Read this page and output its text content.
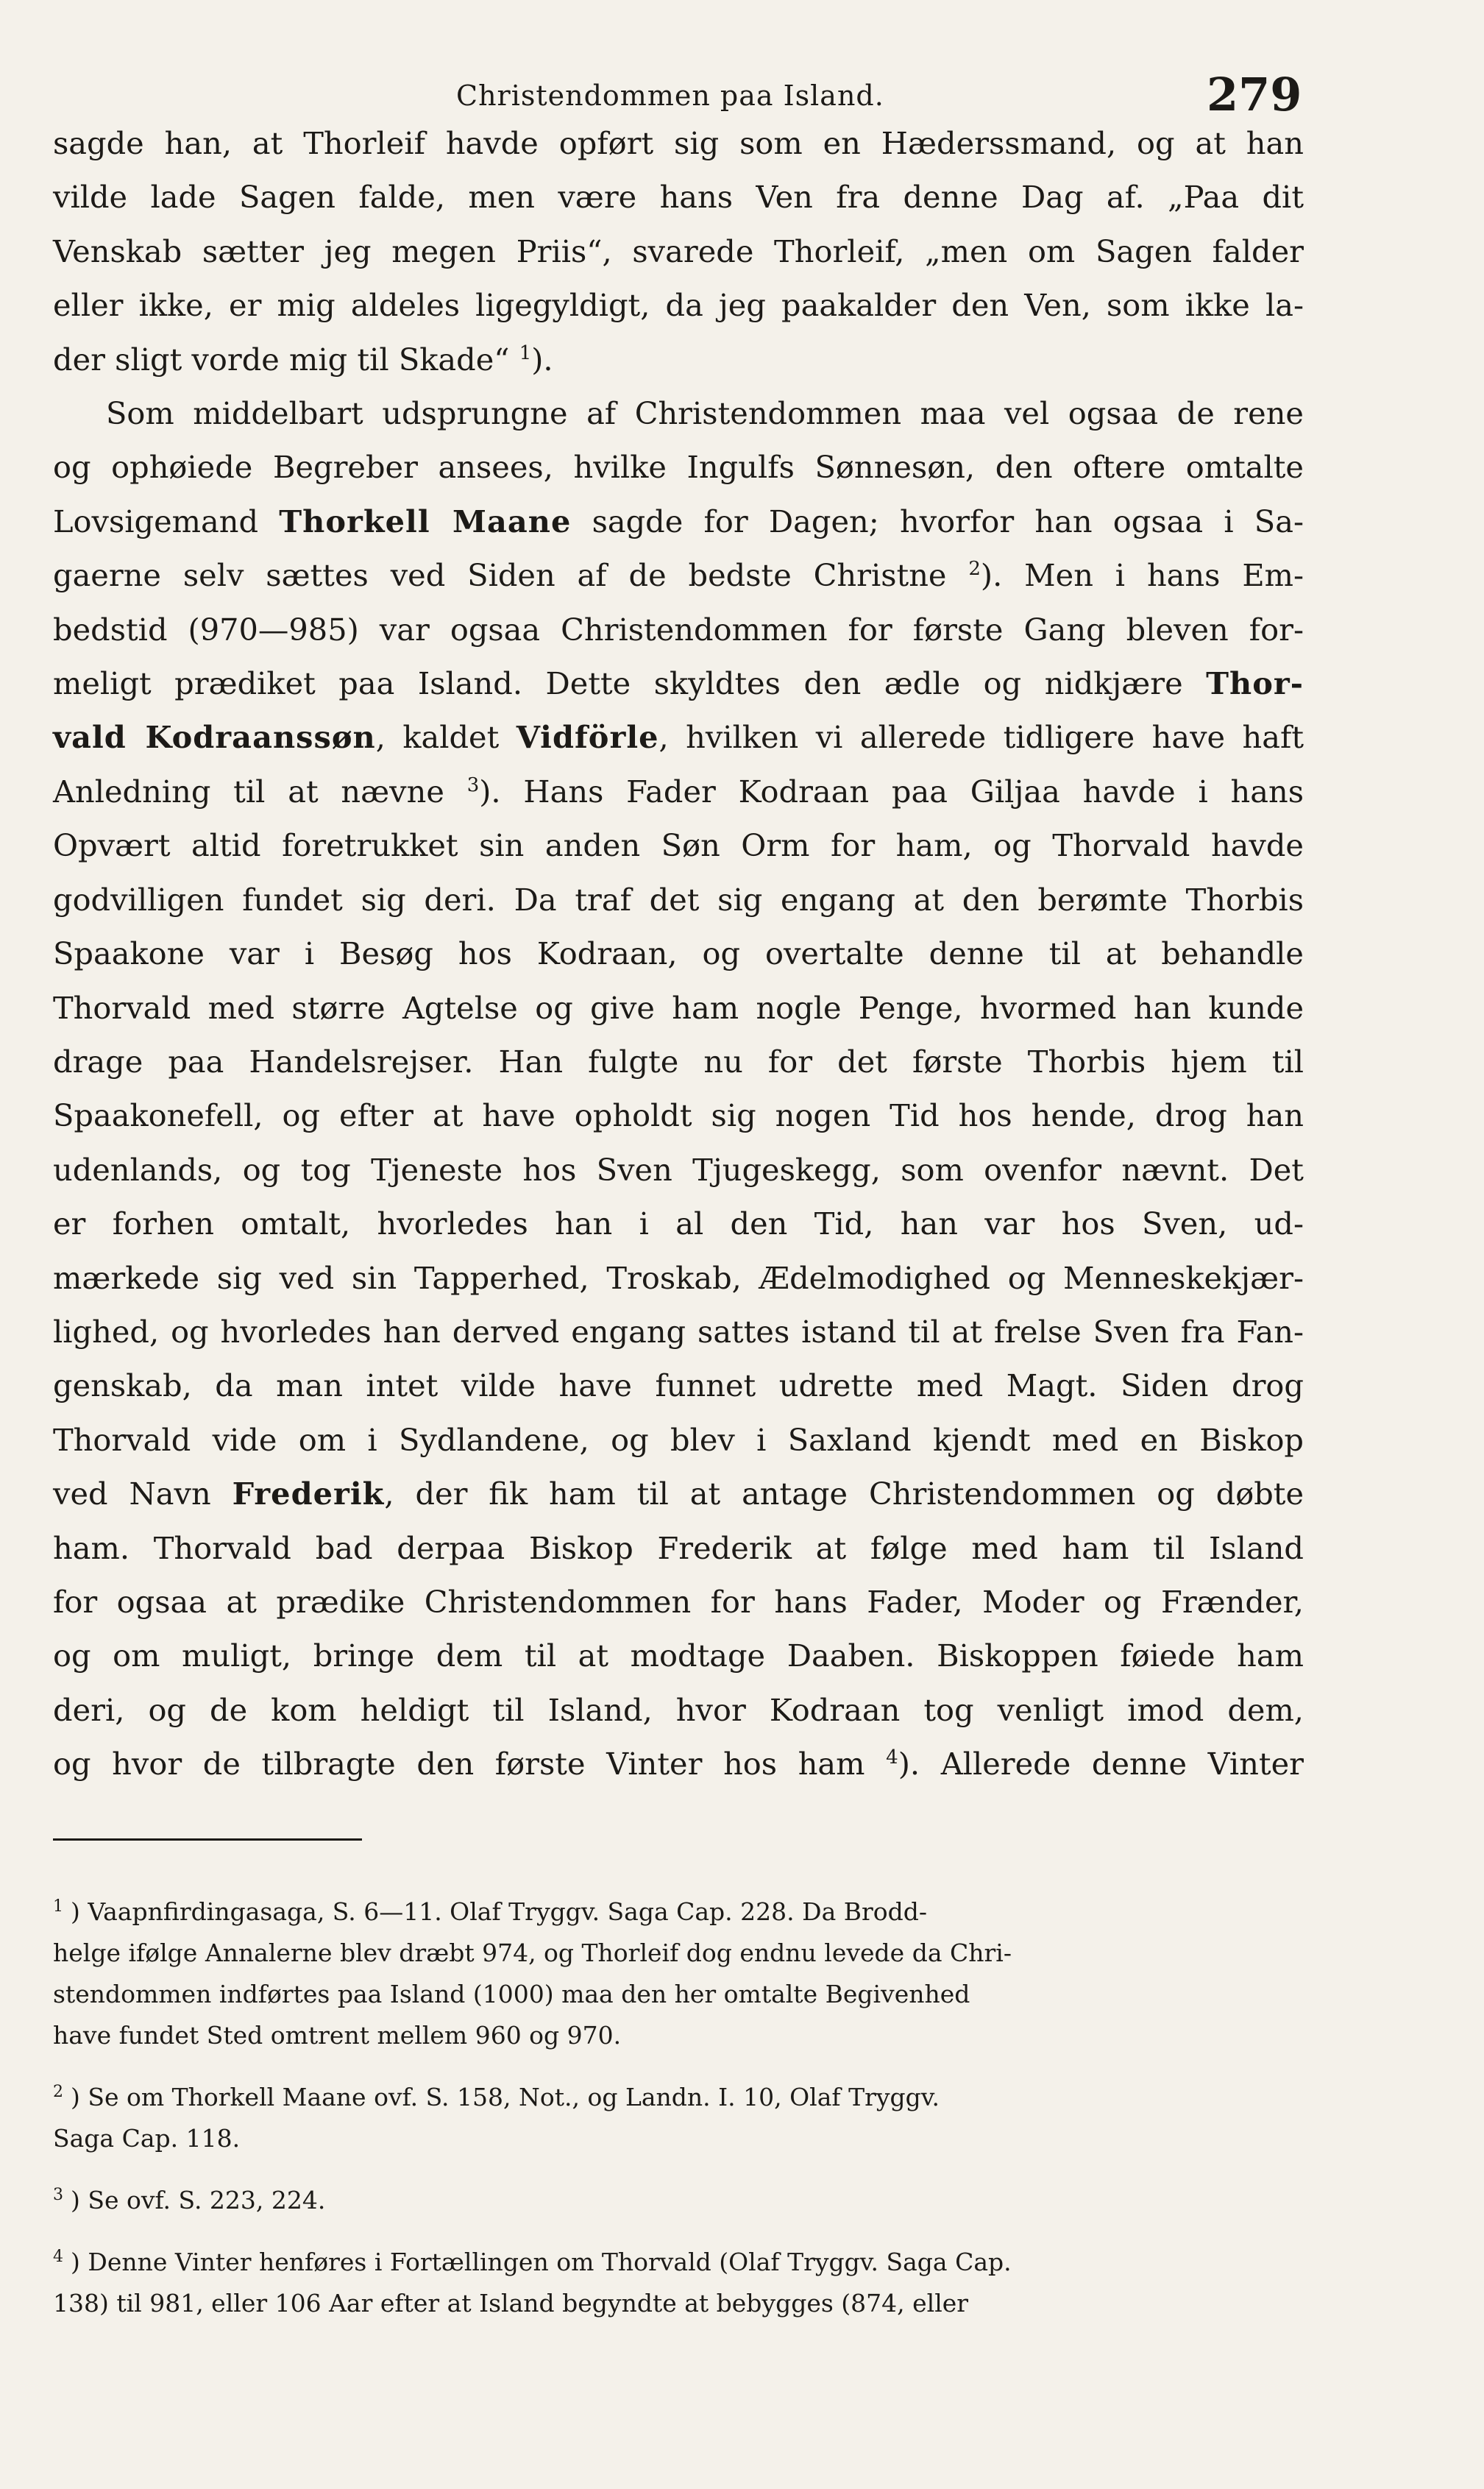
Christendommen paa Island.	279

sagde han, at Thorleif havde opført sig som en Hæderssmand, og at han
vilde lade Sagen falde, men være hans Ven fra denne Dag af. „Paa dit
Venskab sætter jeg megen Priis“, svarede Thorleif, „men om Sagen falder
eller ikke, er mig aldeles ligegyldigt, da jeg paakalder den Ven, som ikke la-
der sligt vorde mig til Skade“ $^1$).

Som middelbart udsprungne af Christendommen maa vel ogsaa de rene
og ophøiede Begreber ansees, hvilke Ingulfs Sønnesøn, den oftere omtalte
Lovsigemand Thorkell Maane sagde for Dagen; hvorfor han ogsaa i Sa-
gaerne selv sættes ved Siden af de bedste Christne $^2$). Men i hans Em-
bedstid (970—985) var ogsaa Christendommen for første Gang bleven for-
meligt prædiket paa Island. Dette skyldtes den ædle og nidkjære Thor-
vald Kodraanssøn, kaldet Vidförle, hvilken vi allerede tidligere have haft
Anledning til at nævne $^3$). Hans Fader Kodraan paa Giljaa havde i hans
Opvært altid foretrukket sin anden Søn Orm for ham, og Thorvald havde
godvilligen fundet sig deri. Da traf det sig engang at den berømte Thorbis
Spaakone var i Besøg hos Kodraan, og overtalte denne til at behandle
Thorvald med større Agtelse og give ham nogle Penge, hvormed han kunde
drage paa Handelsrejser. Han fulgte nu for det første Thorbis hjem til
Spaakonefell, og efter at have opholdt sig nogen Tid hos hende, drog han
udenlands, og tog Tjeneste hos Sven Tjugeskegg, som ovenfor nævnt. Det
er forhen omtalt, hvorledes han i al den Tid, han var hos Sven, ud-
mærkede sig ved sin Tapperhed, Troskab, Ædelmodighed og Menneskekjær-
lighed, og hvorledes han derved engang sattes istand til at frelse Sven fra Fan-
genskab, da man intet vilde have funnet udrette med Magt. Siden drog
Thorvald vide om i Sydlandene, og blev i Saxland kjendt med en Biskop
ved Navn Frederik, der fik ham til at antage Christendommen og døbte
ham. Thorvald bad derpaa Biskop Frederik at følge med ham til Island
for ogsaa at prædike Christendommen for hans Fader, Moder og Frænder,
og om muligt, bringe dem til at modtage Daaben. Biskoppen føiede ham
deri, og de kom heldigt til Island, hvor Kodraan tog venligt imod dem,
og hvor de tilbragte den første Vinter hos ham $^4$). Allerede denne Vinter

$^1$ ) Vaapnfirdingasaga, S. 6—11. Olaf Tryggv. Saga Cap. 228. Da Brodd-
helge ifølge Annalerne blev dræbt 974, og Thorleif dog endnu levede da Chri-
stendommen indførtes paa Island (1000) maa den her omtalte Begivenhed
have fundet Sted omtrent mellem 960 og 970.
$^2$ ) Se om Thorkell Maane ovf. S. 158, Not., og Landn. I. 10, Olaf Tryggv.
Saga Cap. 118.
$^3$ ) Se ovf. S. 223, 224.
$^4$ ) Denne Vinter henføres i Fortællingen om Thorvald (Olaf Tryggv. Saga Cap.
138) til 981, eller 106 Aar efter at Island begyndte at bebygges (874, eller
